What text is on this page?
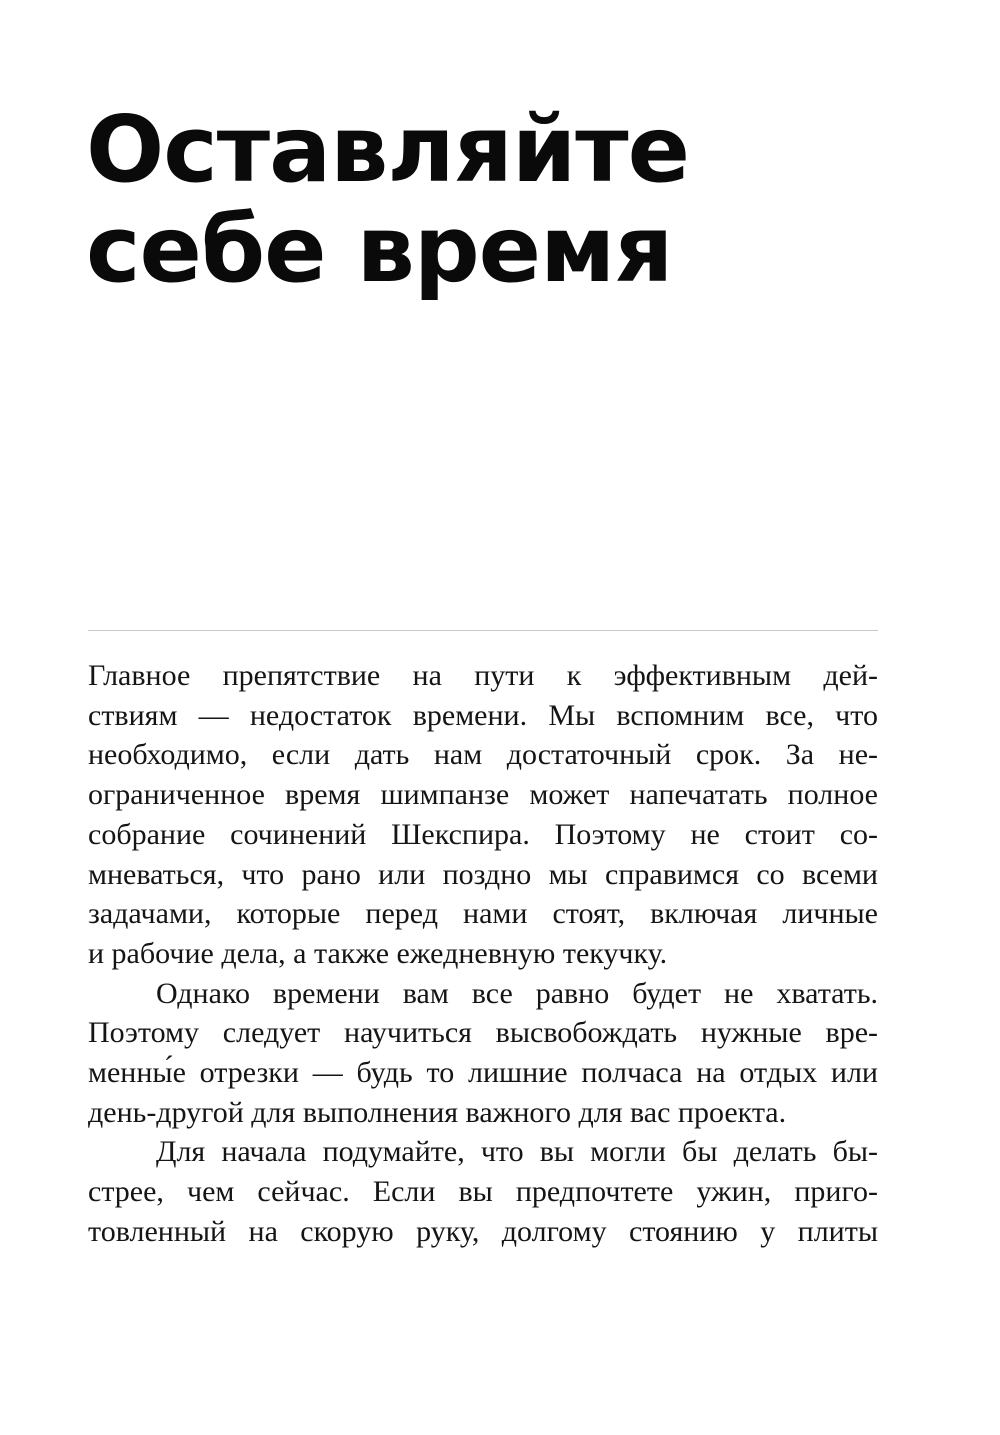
Оставляйте
себе время
Главное препятствие на пути к эффективным дей-
ствиям — недостаток времени. Мы вспомним все, что
необходимо, если дать нам достаточный срок. За не-
ограниченное время шимпанзе может напечатать полное
собрание сочинений Шекспира. Поэтому не стоит со-
мневаться, что рано или поздно мы справимся со всеми
задачами, которые перед нами стоят, включая личные
и рабочие дела, а также ежедневную текучку.
Однако времени вам все равно будет не хватать.
Поэтому следует научиться высвобождать нужные вре-
менны́е отрезки — будь то лишние полчаса на отдых или
день-другой для выполнения важного для вас проекта.
Для начала подумайте, что вы могли бы делать бы-
стрее, чем сейчас. Если вы предпочтете ужин, приго-
товленный на скорую руку, долгому стоянию у плиты
